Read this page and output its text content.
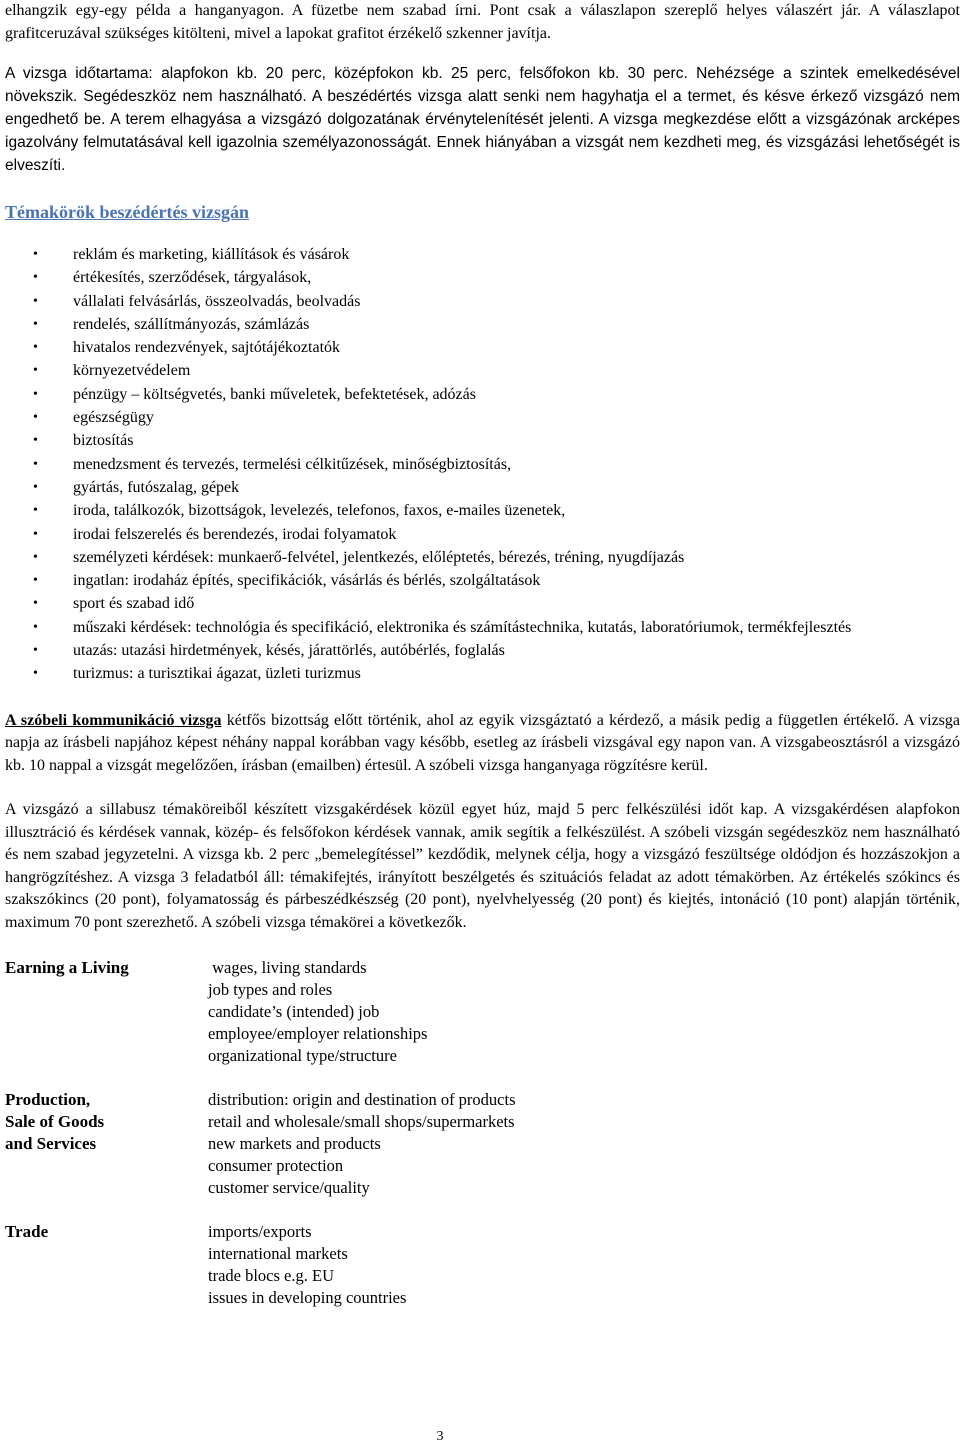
elhangzik egy-egy példa a hanganyagon. A füzetbe nem szabad írni. Pont csak a válaszlapon szereplő helyes válaszért jár. A válaszlapot grafitceruzával szükséges kitölteni, mivel a lapokat grafitot érzékelő szkenner javítja.

A vizsga időtartama: alapfokon kb. 20 perc, középfokon kb. 25 perc, felsőfokon kb. 30 perc. Nehézsége a szintek emelkedésével növekszik. Segédeszköz nem használható. A beszédértés vizsga alatt senki nem hagyhatja el a termet, és késve érkező vizsgázó nem engedhető be. A terem elhagyása a vizsgázó dolgozatának érvénytelenítését jelenti. A vizsga megkezdése előtt a vizsgázónak arcképes igazolvány felmutatásával kell igazolnia személyazonosságát. Ennek hiányában a vizsgát nem kezdheti meg, és vizsgázási lehetőségét is elveszíti.

Témakörök beszédértés vizsgán
• reklám és marketing, kiállítások és vásárok
• értékesítés, szerződések, tárgyalások,
• vállalati felvásárlás, összeolvadás, beolvadás
• rendelés, szállítmányozás, számlázás
• hivatalos rendezvények, sajtótájékoztatók
• környezetvédelem
• pénzügy – költségvetés, banki műveletek, befektetések, adózás
• egészségügy
• biztosítás
• menedzsment és tervezés, termelési célkitűzések, minőségbiztosítás,
• gyártás, futószalag, gépek
• iroda, találkozók, bizottságok, levelezés, telefonos, faxos, e-mailes üzenetek,
• irodai felszerelés és berendezés, irodai folyamatok
• személyzeti kérdések: munkaerő-felvétel, jelentkezés, előléptetés, bérezés, tréning, nyugdíjazás
• ingatlan: irodaház építés, specifikációk, vásárlás és bérlés, szolgáltatások
• sport és szabad idő
• műszaki kérdések: technológia és specifikáció, elektronika és számítástechnika, kutatás, laboratóriumok, termékfejlesztés
• utazás: utazási hirdetmények, késés, járattörlés, autóbérlés, foglalás
• turizmus: a turisztikai ágazat, üzleti turizmus

A szóbeli kommunikáció vizsga kétfős bizottság előtt történik, ahol az egyik vizsgáztató a kérdező, a másik pedig a független értékelő. A vizsga napja az írásbeli napjához képest néhány nappal korábban vagy később, esetleg az írásbeli vizsgával egy napon van. A vizsgabeosztásról a vizsgázó kb. 10 nappal a vizsgát megelőzően, írásban (emailben) értesül. A szóbeli vizsga hanganyaga rögzítésre kerül.

A vizsgázó a sillabusz témaköreiből készített vizsgakérdések közül egyet húz, majd 5 perc felkészülési időt kap. A vizsgakérdésen alapfokon illusztráció és kérdések vannak, közép- és felsőfokon kérdések vannak, amik segítik a felkészülést. A szóbeli vizsgán segédeszköz nem használható és nem szabad jegyzetelni. A vizsga kb. 2 perc „bemelegítéssel” kezdődik, melynek célja, hogy a vizsgázó feszültsége oldódjon és hozzászokjon a hangrögzítéshez. A vizsga 3 feladatból áll: témakifejtés, irányított beszélgetés és szituációs feladat az adott témakörben. Az értékelés szókincs és szakszókincs (20 pont), folyamatosság és párbeszédkészség (20 pont), nyelvhelyesség (20 pont) és kiejtés, intonáció (10 pont) alapján történik, maximum 70 pont szerezhető. A szóbeli vizsga témakörei a következők.

Earning a Living	wages, living standards
job types and roles
candidate’s (intended) job
employee/employer relationships
organizational type/structure
Production,
Sale of Goods
and Services
distribution: origin and destination of products
retail and wholesale/small shops/supermarkets
new markets and products
consumer protection
customer service/quality
Trade	imports/exports
international markets
trade blocs e.g. EU
issues in developing countries
3
